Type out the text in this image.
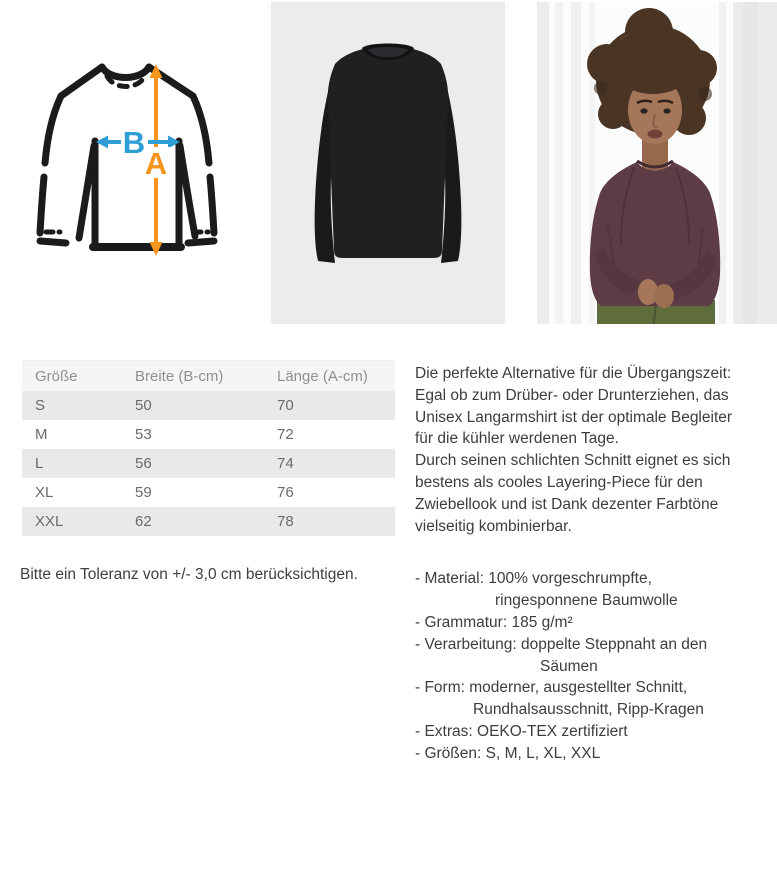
B
A
Größe	Breite (B-cm)	Länge (A-cm)
S	50	70
M	53	72
L	56	74
XL	59	76
XXL	62	78
Bitte ein Toleranz von +/- 3,0 cm berücksichtigen.
Die perfekte Alternative für die Übergangszeit:
Egal ob zum Drüber- oder Drunterziehen, das
Unisex Langarmshirt ist der optimale Begleiter
für die kühler werdenen Tage.
Durch seinen schlichten Schnitt eignet es sich
bestens als cooles Layering-Piece für den
Zwiebellook und ist Dank dezenter Farbtöne
vielseitig kombinierbar.
- Material: 100% vorgeschrumpfte,
ringesponnene Baumwolle
- Grammatur: 185 g/m²
- Verarbeitung: doppelte Steppnaht an den
Säumen
- Form: moderner, ausgestellter Schnitt,
Rundhalsausschnitt, Ripp-Kragen
- Extras: OEKO-TEX zertifiziert
- Größen: S, M, L, XL, XXL
